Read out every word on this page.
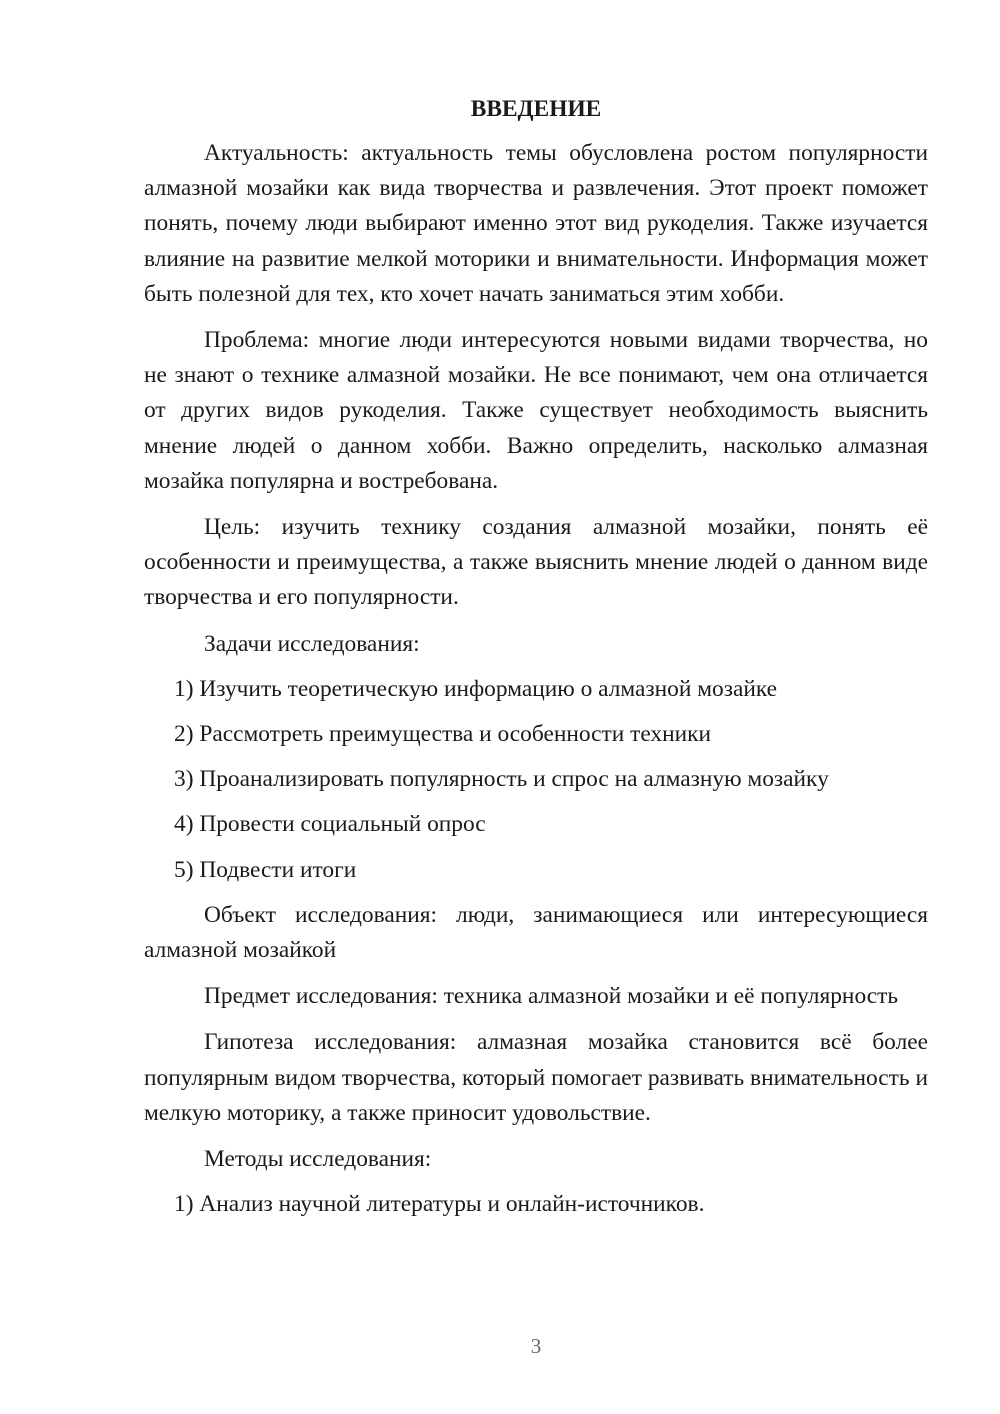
ВВЕДЕНИЕ
Актуальность: актуальность темы обусловлена ростом популярности алмазной мозайки как вида творчества и развлечения. Этот проект поможет понять, почему люди выбирают именно этот вид рукоделия. Также изучается влияние на развитие мелкой моторики и внимательности. Информация может быть полезной для тех, кто хочет начать заниматься этим хобби.
Проблема: многие люди интересуются новыми видами творчества, но не знают о технике алмазной мозайки. Не все понимают, чем она отличается от других видов рукоделия. Также существует необходимость выяснить мнение людей о данном хобби. Важно определить, насколько алмазная мозайка популярна и востребована.
Цель: изучить технику создания алмазной мозайки, понять её особенности и преимущества, а также выяснить мнение людей о данном виде творчества и его популярности.
Задачи исследования:
1) Изучить теоретическую информацию о алмазной мозайке
2) Рассмотреть преимущества и особенности техники
3) Проанализировать популярность и спрос на алмазную мозайку
4) Провести социальный опрос
5) Подвести итоги
Объект исследования: люди, занимающиеся или интересующиеся алмазной мозайкой
Предмет исследования: техника алмазной мозайки и её популярность
Гипотеза исследования: алмазная мозайка становится всё более популярным видом творчества, который помогает развивать внимательность и мелкую моторику, а также приносит удовольствие.
Методы исследования:
1) Анализ научной литературы и онлайн-источников.
3
